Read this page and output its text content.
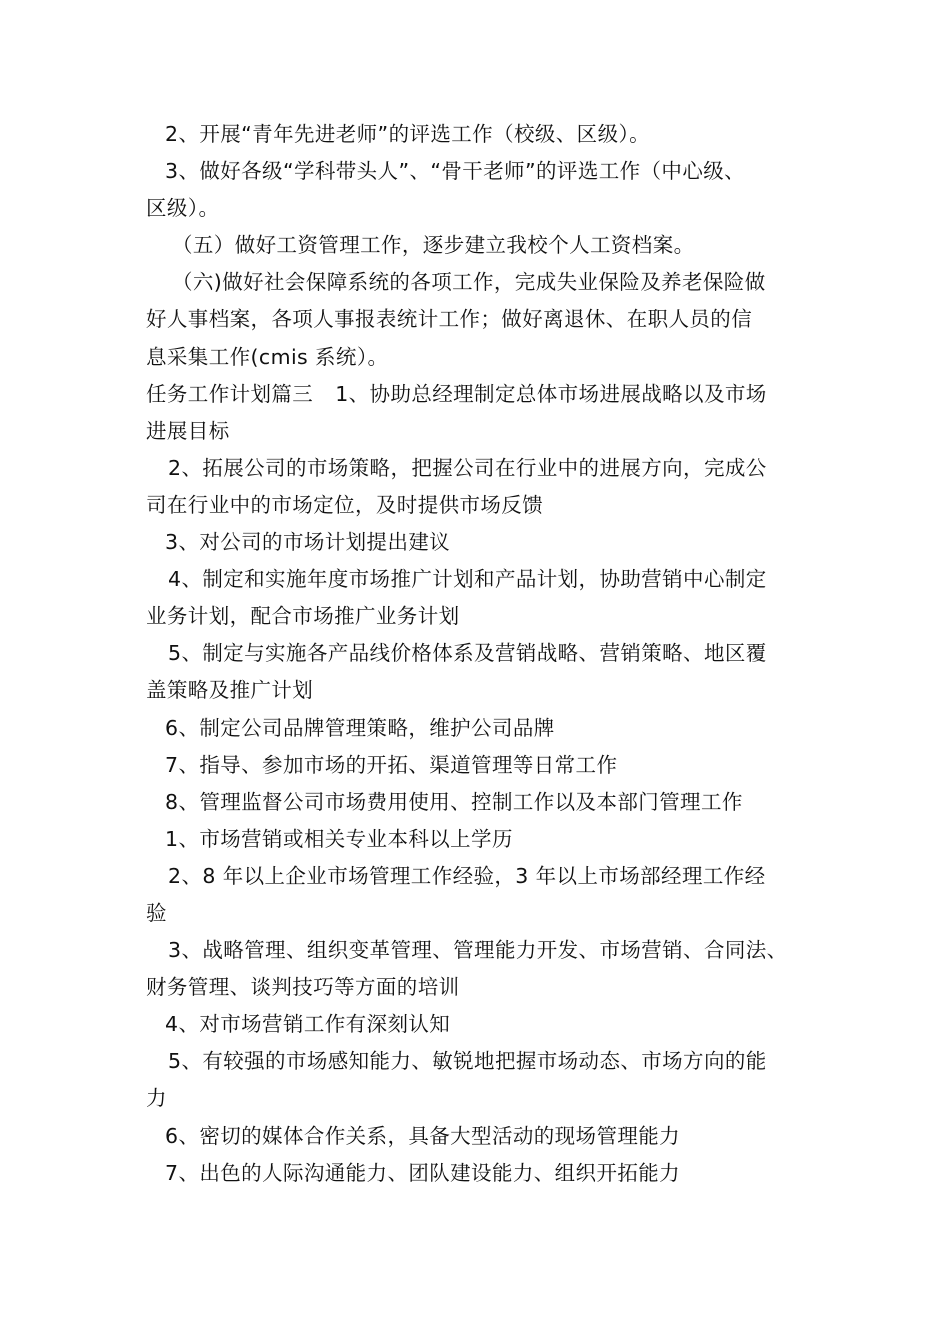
2、开展“青年先进老师”的评选工作（校级、区级）。
3、做好各级“学科带头人”、“骨干老师”的评选工作（中心级、
区级）。
（五）做好工资管理工作，逐步建立我校个人工资档案。
（六)做好社会保障系统的各项工作，完成失业保险及养老保险做
好人事档案，各项人事报表统计工作；做好离退休、在职人员的信
息采集工作(cmis 系统）。
任务工作计划篇三 1、协助总经理制定总体市场进展战略以及市场
进展目标
2、拓展公司的市场策略，把握公司在行业中的进展方向，完成公
司在行业中的市场定位，及时提供市场反馈
3、对公司的市场计划提出建议
4、制定和实施年度市场推广计划和产品计划，协助营销中心制定
业务计划，配合市场推广业务计划
5、制定与实施各产品线价格体系及营销战略、营销策略、地区覆
盖策略及推广计划
6、制定公司品牌管理策略，维护公司品牌
7、指导、参加市场的开拓、渠道管理等日常工作
8、管理监督公司市场费用使用、控制工作以及本部门管理工作
1、市场营销或相关专业本科以上学历
2、8 年以上企业市场管理工作经验，3 年以上市场部经理工作经
验
3、战略管理、组织变革管理、管理能力开发、市场营销、合同法、
财务管理、谈判技巧等方面的培训
4、对市场营销工作有深刻认知
5、有较强的市场感知能力、敏锐地把握市场动态、市场方向的能
力
6、密切的媒体合作关系，具备大型活动的现场管理能力
7、出色的人际沟通能力、团队建设能力、组织开拓能力
